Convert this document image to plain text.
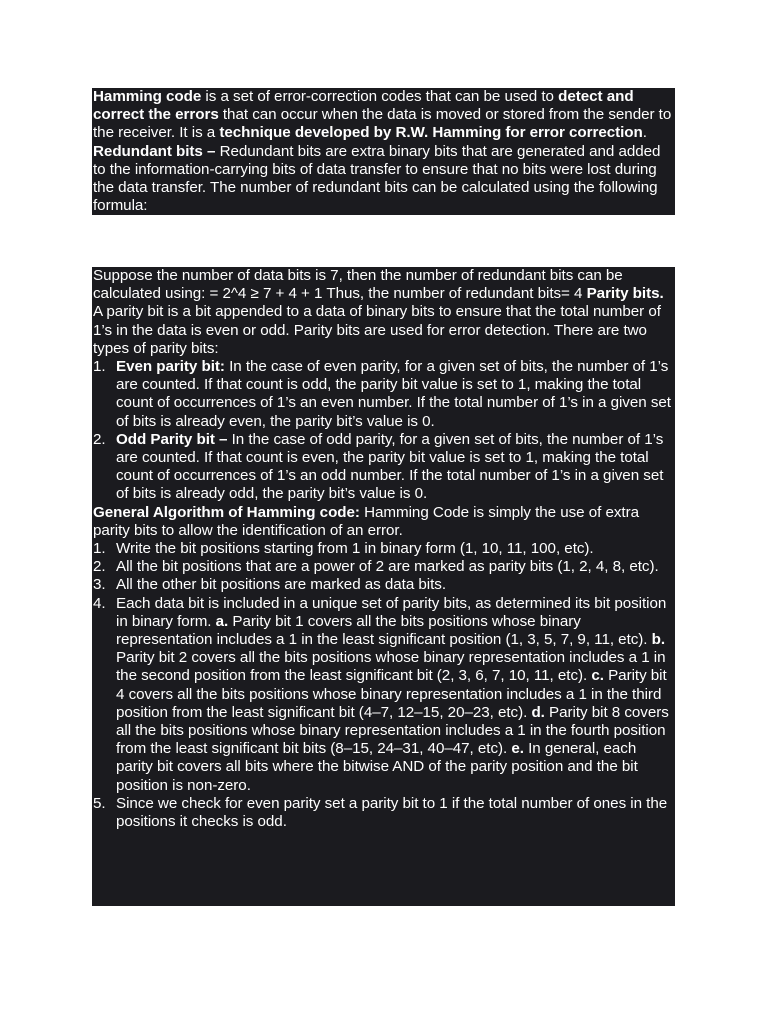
Hamming code is a set of error-correction codes that can be used to detect and correct the errors that can occur when the data is moved or stored from the sender to the receiver. It is a technique developed by R.W. Hamming for error correction. Redundant bits – Redundant bits are extra binary bits that are generated and added to the information-carrying bits of data transfer to ensure that no bits were lost during the data transfer. The number of redundant bits can be calculated using the following formula:
Suppose the number of data bits is 7, then the number of redundant bits can be calculated using: = 2^4 ≥ 7 + 4 + 1 Thus, the number of redundant bits= 4 Parity bits. A parity bit is a bit appended to a data of binary bits to ensure that the total number of 1’s in the data is even or odd. Parity bits are used for error detection. There are two types of parity bits:
1. Even parity bit: In the case of even parity, for a given set of bits, the number of 1’s are counted. If that count is odd, the parity bit value is set to 1, making the total count of occurrences of 1’s an even number. If the total number of 1’s in a given set of bits is already even, the parity bit’s value is 0.
2. Odd Parity bit – In the case of odd parity, for a given set of bits, the number of 1’s are counted. If that count is even, the parity bit value is set to 1, making the total count of occurrences of 1’s an odd number. If the total number of 1’s in a given set of bits is already odd, the parity bit’s value is 0.
General Algorithm of Hamming code: Hamming Code is simply the use of extra parity bits to allow the identification of an error.
1. Write the bit positions starting from 1 in binary form (1, 10, 11, 100, etc).
2. All the bit positions that are a power of 2 are marked as parity bits (1, 2, 4, 8, etc).
3. All the other bit positions are marked as data bits.
4. Each data bit is included in a unique set of parity bits, as determined its bit position in binary form. a. Parity bit 1 covers all the bits positions whose binary representation includes a 1 in the least significant position (1, 3, 5, 7, 9, 11, etc). b. Parity bit 2 covers all the bits positions whose binary representation includes a 1 in the second position from the least significant bit (2, 3, 6, 7, 10, 11, etc). c. Parity bit 4 covers all the bits positions whose binary representation includes a 1 in the third position from the least significant bit (4–7, 12–15, 20–23, etc). d. Parity bit 8 covers all the bits positions whose binary representation includes a 1 in the fourth position from the least significant bit bits (8–15, 24–31, 40–47, etc). e. In general, each parity bit covers all bits where the bitwise AND of the parity position and the bit position is non-zero.
5. Since we check for even parity set a parity bit to 1 if the total number of ones in the positions it checks is odd.
